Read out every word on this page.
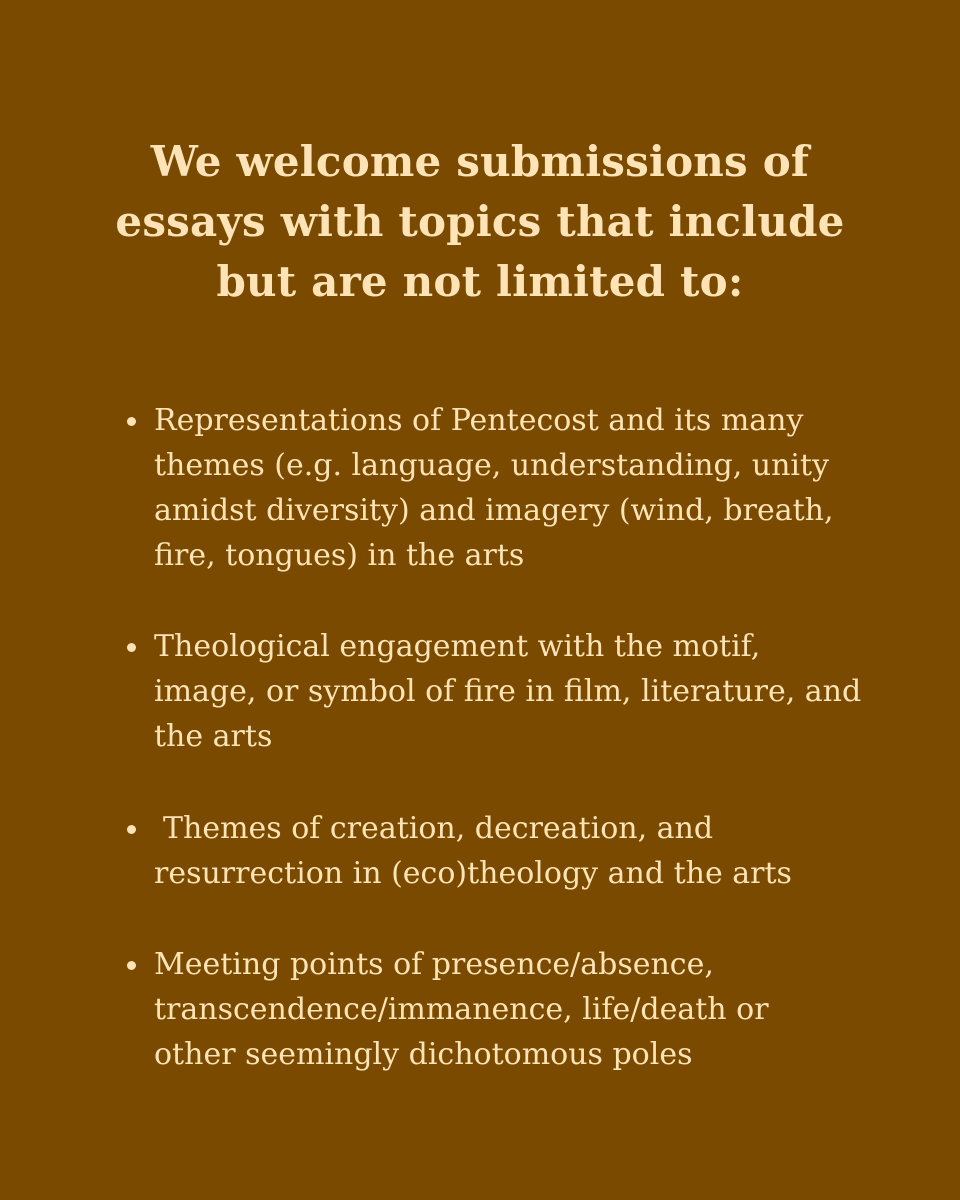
We welcome submissions of
essays with topics that include
but are not limited to:
Representations of Pentecost and its many
themes (e.g. language, understanding, unity
amidst diversity) and imagery (wind, breath,
fire, tongues) in the arts
Theological engagement with the motif,
image, or symbol of fire in film, literature, and
the arts
Themes of creation, decreation, and
resurrection in (eco)theology and the arts
Meeting points of presence/absence,
transcendence/immanence, life/death or
other seemingly dichotomous poles
